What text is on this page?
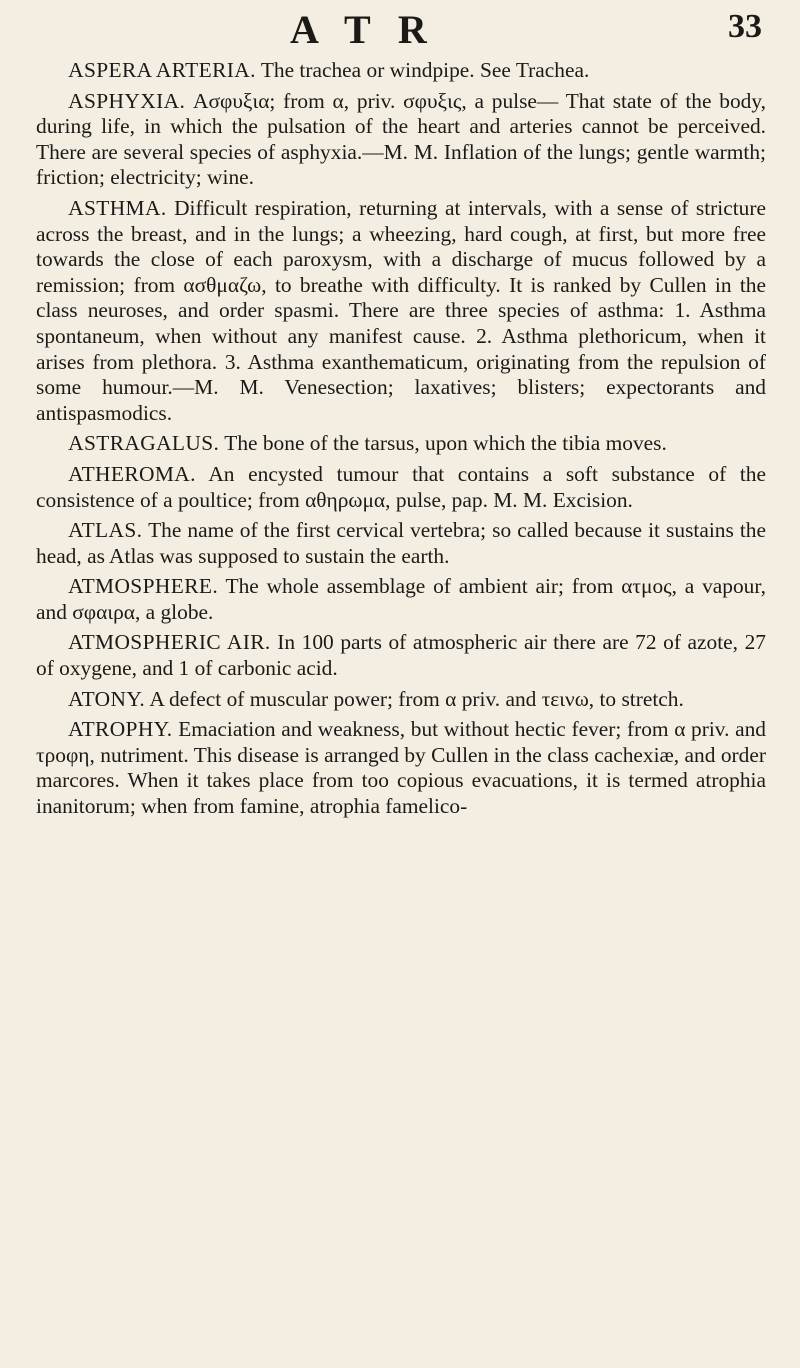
A T R	33

ASPERA ARTERIA. The trachea or windpipe. See Trachea.

ASPHYXIA. Ασφυξια; from α, priv. σφυξις, a pulse— That state of the body, during life, in which the pulsation of the heart and arteries cannot be perceived. There are several species of asphyxia.—M. M. Inflation of the lungs; gentle warmth; friction; electricity; wine.

ASTHMA. Difficult respiration, returning at intervals, with a sense of stricture across the breast, and in the lungs; a wheezing, hard cough, at first, but more free towards the close of each paroxysm, with a discharge of mucus followed by a remission; from ασθμαζω, to breathe with difficulty. It is ranked by Cullen in the class neuroses, and order spasmi. There are three species of asthma: 1. Asthma spontaneum, when without any manifest cause. 2. Asthma plethoricum, when it arises from plethora. 3. Asthma exanthematicum, originating from the repulsion of some humour.—M. M. Venesection; laxatives; blisters; expectorants and antispasmodics.

ASTRAGALUS. The bone of the tarsus, upon which the tibia moves.

ATHEROMA. An encysted tumour that contains a soft substance of the consistence of a poultice; from αθηρωμα, pulse, pap. M. M. Excision.

ATLAS. The name of the first cervical vertebra; so called because it sustains the head, as Atlas was supposed to sustain the earth.

ATMOSPHERE. The whole assemblage of ambient air; from ατμος, a vapour, and σφαιρα, a globe.

ATMOSPHERIC AIR. In 100 parts of atmospheric air there are 72 of azote, 27 of oxygene, and 1 of carbonic acid.

ATONY. A defect of muscular power; from α priv. and τεινω, to stretch.

ATROPHY. Emaciation and weakness, but without hectic fever; from α priv. and τροφη, nutriment. This disease is arranged by Cullen in the class cachexiæ, and order marcores. When it takes place from too copious evacuations, it is termed atrophia inanitorum; when from famine, atrophia famelico-
